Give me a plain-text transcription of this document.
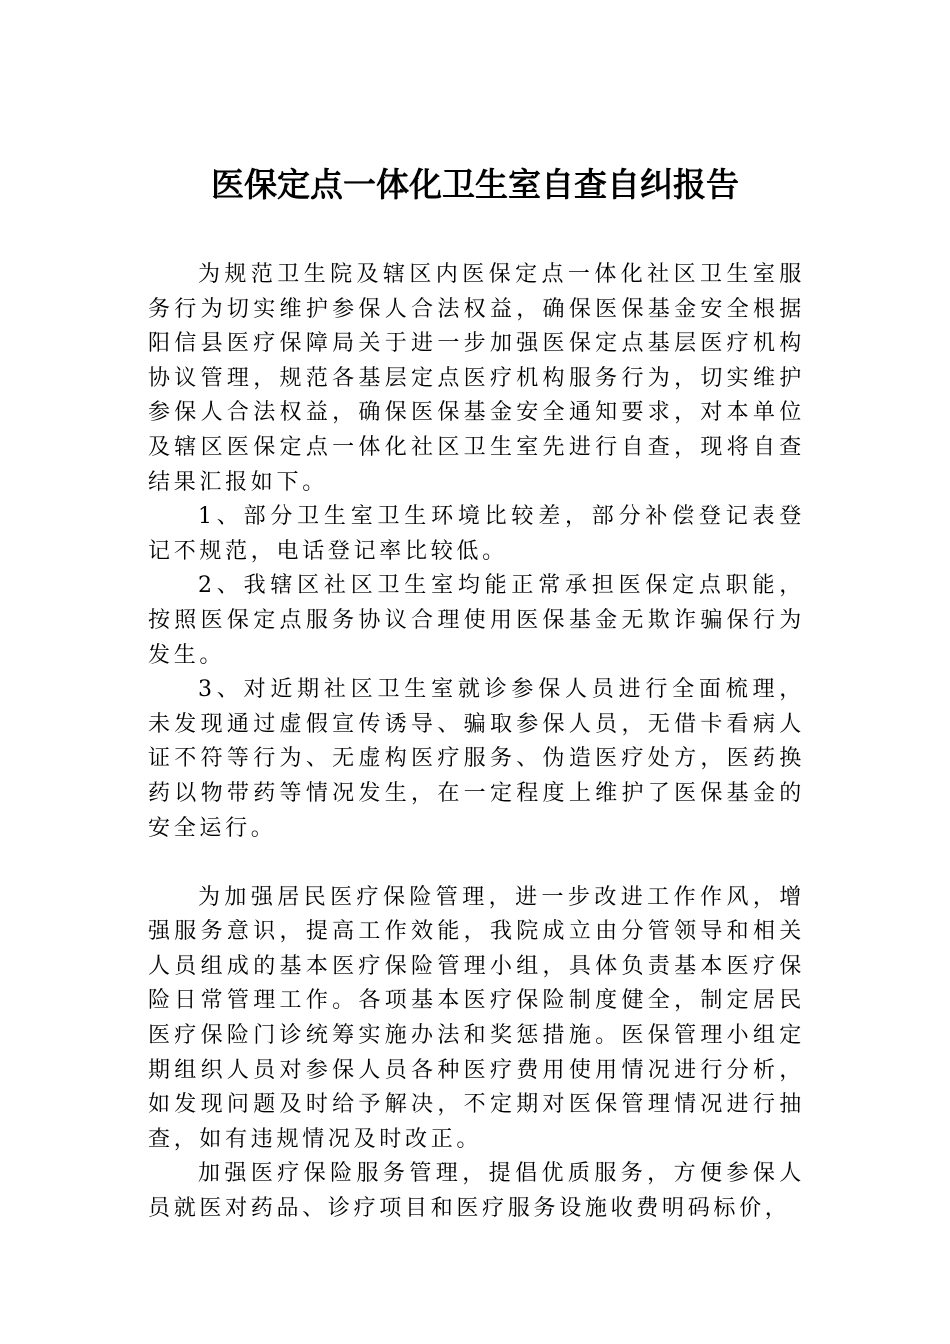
医保定点一体化卫生室自查自纠报告

为规范卫生院及辖区内医保定点一体化社区卫生室服务行为切实维护参保人合法权益，确保医保基金安全根据阳信县医疗保障局关于进一步加强医保定点基层医疗机构协议管理，规范各基层定点医疗机构服务行为，切实维护参保人合法权益，确保医保基金安全通知要求，对本单位及辖区医保定点一体化社区卫生室先进行自查，现将自查结果汇报如下。

1、部分卫生室卫生环境比较差，部分补偿登记表登记不规范，电话登记率比较低。

2、我辖区社区卫生室均能正常承担医保定点职能，按照医保定点服务协议合理使用医保基金无欺诈骗保行为发生。

3、对近期社区卫生室就诊参保人员进行全面梳理，未发现通过虚假宣传诱导、骗取参保人员，无借卡看病人证不符等行为、无虚构医疗服务、伪造医疗处方，医药换药以物带药等情况发生，在一定程度上维护了医保基金的安全运行。

为加强居民医疗保险管理，进一步改进工作作风，增强服务意识，提高工作效能，我院成立由分管领导和相关人员组成的基本医疗保险管理小组，具体负责基本医疗保险日常管理工作。各项基本医疗保险制度健全，制定居民医疗保险门诊统筹实施办法和奖惩措施。医保管理小组定期组织人员对参保人员各种医疗费用使用情况进行分析，如发现问题及时给予解决，不定期对医保管理情况进行抽查，如有违规情况及时改正。

加强医疗保险服务管理，提倡优质服务，方便参保人员就医对药品、诊疗项目和医疗服务设施收费明码标价，
